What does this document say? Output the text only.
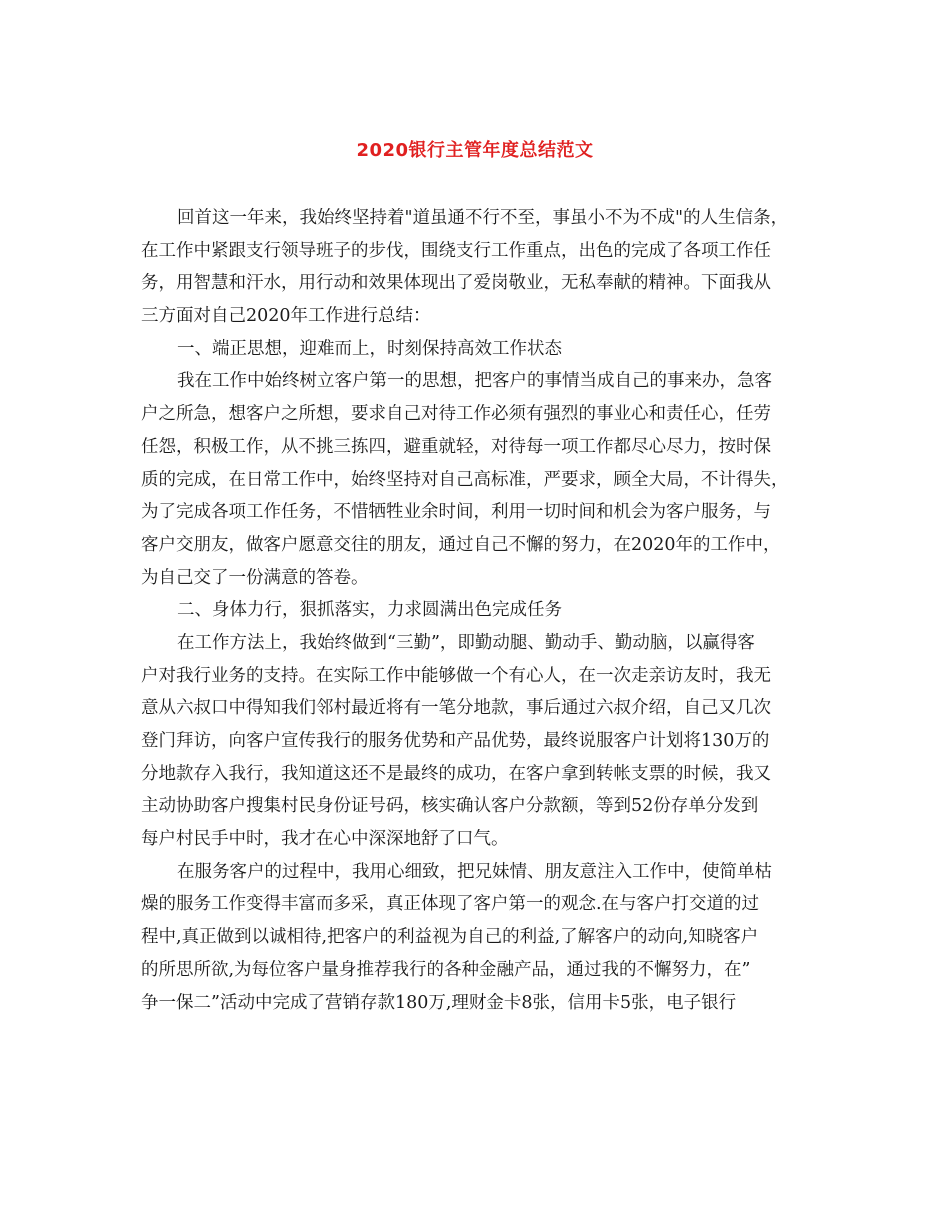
2020银行主管年度总结范文
回首这一年来，我始终坚持着"道虽通不行不至，事虽小不为不成"的人生信条，
在工作中紧跟支行领导班子的步伐，围绕支行工作重点，出色的完成了各项工作任
务，用智慧和汗水，用行动和效果体现出了爱岗敬业，无私奉献的精神。下面我从
三方面对自己2020年工作进行总结：
一、端正思想，迎难而上，时刻保持高效工作状态
我在工作中始终树立客户第一的思想，把客户的事情当成自己的事来办，急客
户之所急，想客户之所想，要求自己对待工作必须有强烈的事业心和责任心，任劳
任怨，积极工作，从不挑三拣四，避重就轻，对待每一项工作都尽心尽力，按时保
质的完成，在日常工作中，始终坚持对自己高标准，严要求，顾全大局，不计得失，
为了完成各项工作任务，不惜牺牲业余时间，利用一切时间和机会为客户服务，与
客户交朋友，做客户愿意交往的朋友，通过自己不懈的努力，在2020年的工作中，
为自己交了一份满意的答卷。
二、身体力行，狠抓落实，力求圆满出色完成任务
在工作方法上，我始终做到“三勤”，即勤动腿、勤动手、勤动脑，以赢得客
户对我行业务的支持。在实际工作中能够做一个有心人，在一次走亲访友时，我无
意从六叔口中得知我们邻村最近将有一笔分地款，事后通过六叔介绍，自己又几次
登门拜访，向客户宣传我行的服务优势和产品优势，最终说服客户计划将130万的
分地款存入我行，我知道这还不是最终的成功，在客户拿到转帐支票的时候，我又
主动协助客户搜集村民身份证号码，核实确认客户分款额，等到52份存单分发到
每户村民手中时，我才在心中深深地舒了口气。
在服务客户的过程中，我用心细致，把兄妹情、朋友意注入工作中，使简单枯
燥的服务工作变得丰富而多采，真正体现了客户第一的观念.在与客户打交道的过
程中,真正做到以诚相待,把客户的利益视为自己的利益,了解客户的动向,知晓客户
的所思所欲,为每位客户量身推荐我行的各种金融产品，通过我的不懈努力，在”
争一保二”活动中完成了营销存款180万,理财金卡8张，信用卡5张，电子银行
